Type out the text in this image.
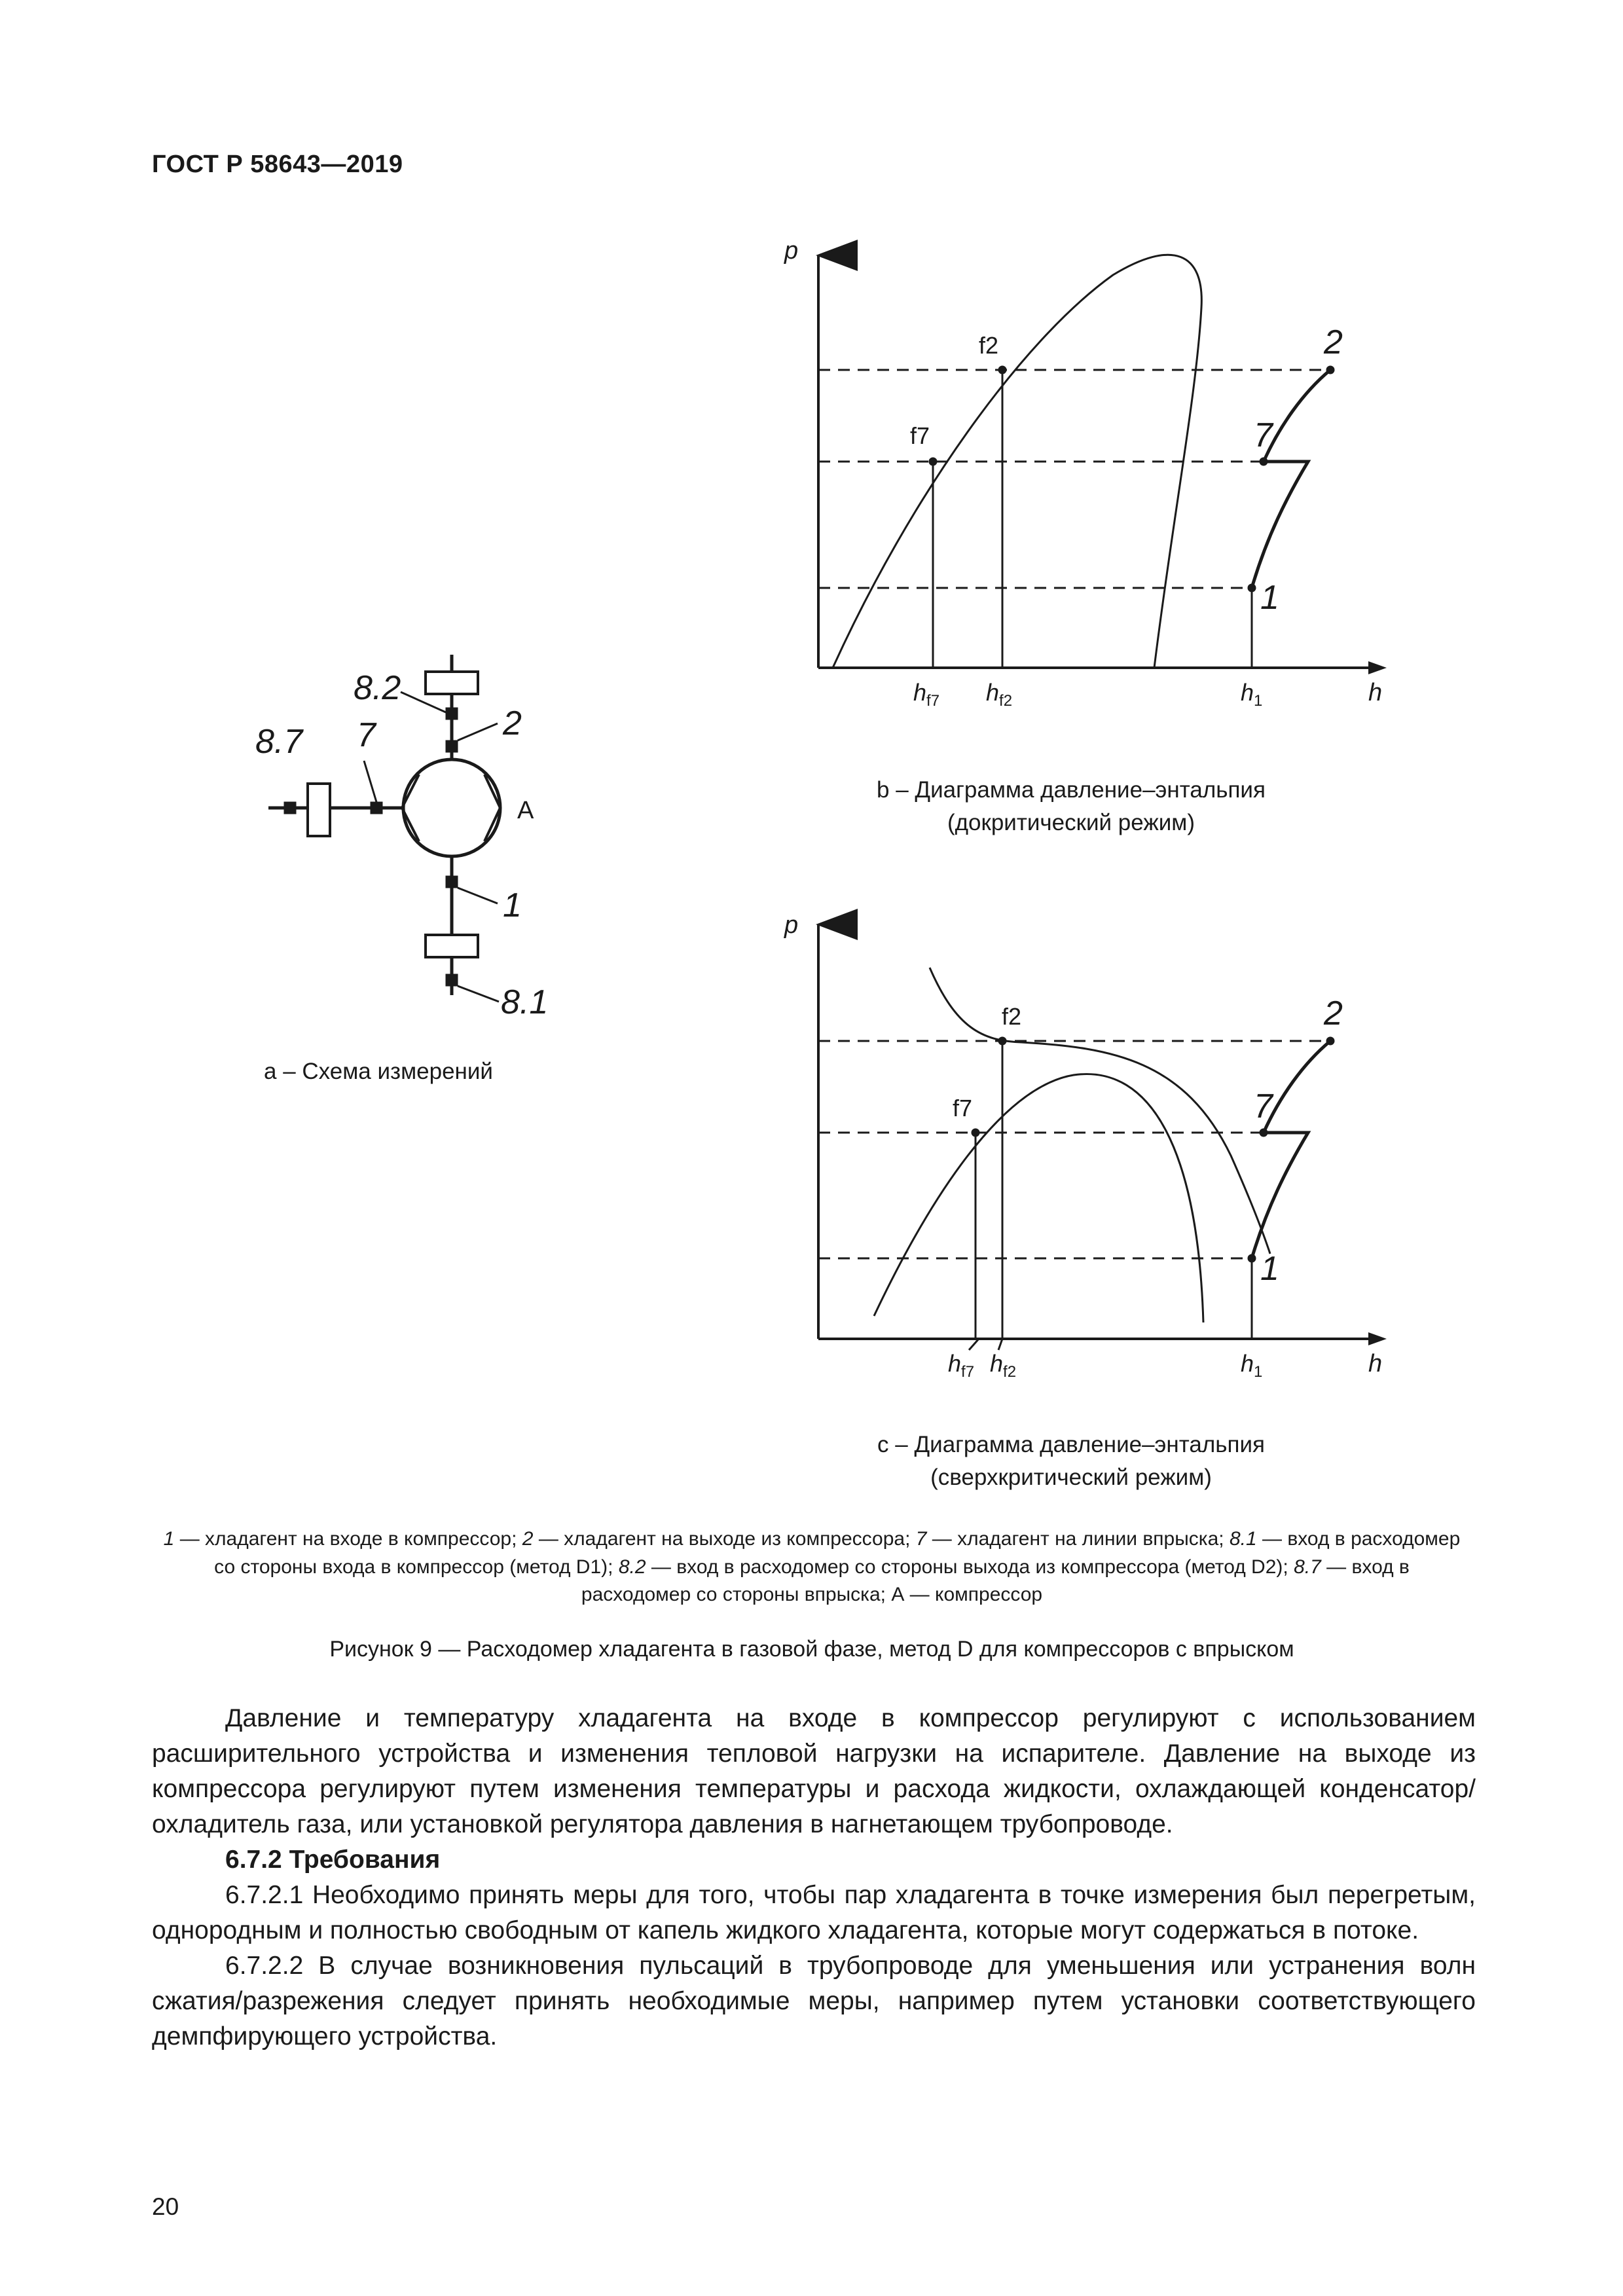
ГОСТ Р 58643—2019
8.2
8.7 7	2
1
8.1
A
a – Схема измерений
p
h
f2
f7
2
7
1
$h_{f7}$ $h_{f2}$	$h_1$
b – Диаграмма давление–энтальпия
(докритический режим)
p
h
f2
f7
2
7
1
$h_{f7}$ $h_{f2}$	$h_1$
c – Диаграмма давление–энтальпия
(сверхкритический режим)
1 — хладагент на входе в компрессор; 2 — хладагент на выходе из компрессора; 7 — хладагент на линии впрыска; 8.1 — вход в расходомер со стороны входа в компрессор (метод D1); 8.2 — вход в расходомер со стороны выхода из компрессора (метод D2); 8.7 — вход в расходомер со стороны впрыска; А — компрессор
Рисунок 9 — Расходомер хладагента в газовой фазе, метод D для компрессоров с впрыском

Давление и температуру хладагента на входе в компрессор регулируют с использованием расширительного устройства и изменения тепловой нагрузки на испарителе. Давление на выходе из компрессора регулируют путем изменения температуры и расхода жидкости, охлаждающей конденсатор/охладитель газа, или установкой регулятора давления в нагнетающем трубопроводе.

6.7.2 Требования

6.7.2.1 Необходимо принять меры для того, чтобы пар хладагента в точке измерения был перегретым, однородным и полностью свободным от капель жидкого хладагента, которые могут содержаться в потоке.

6.7.2.2 В случае возникновения пульсаций в трубопроводе для уменьшения или устранения волн сжатия/разрежения следует принять необходимые меры, например путем установки соответствующего демпфирующего устройства.

20
